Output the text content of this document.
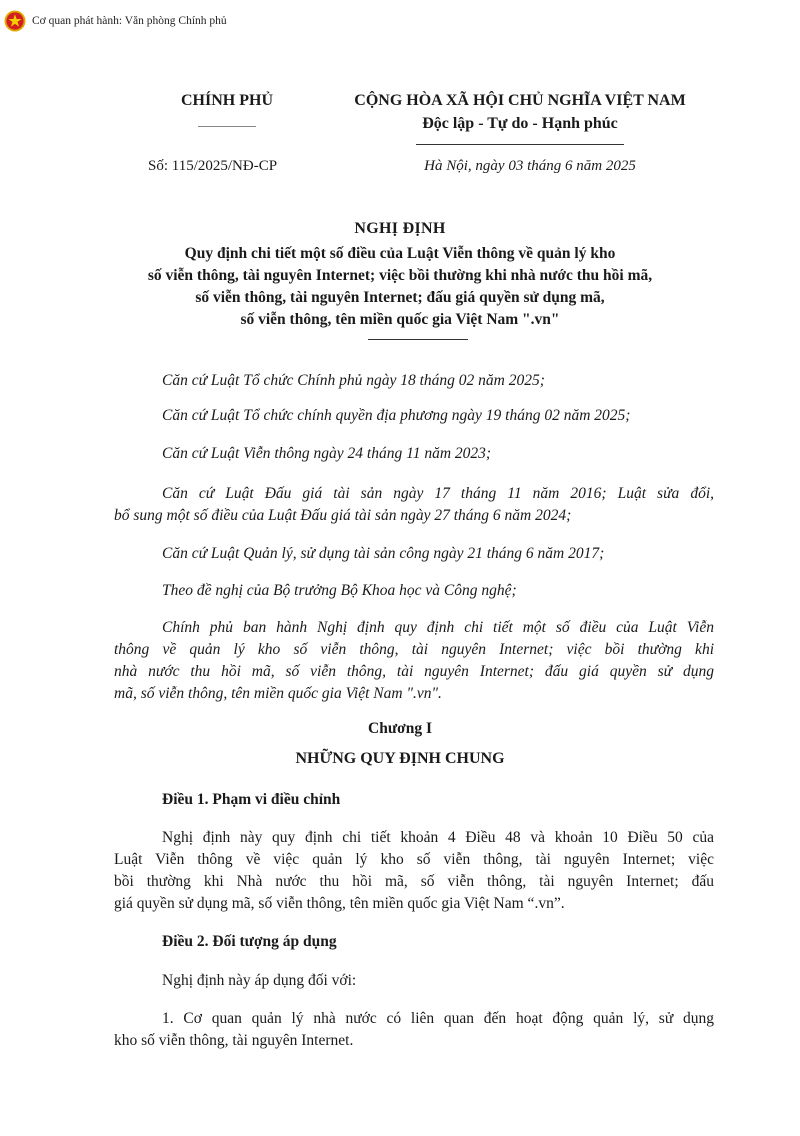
Cơ quan phát hành: Văn phòng Chính phủ
CHÍNH PHỦ	CỘNG HÒA XÃ HỘI CHỦ NGHĨA VIỆT NAM
Độc lập - Tự do - Hạnh phúc
Số: 115/2025/NĐ-CP	Hà Nội, ngày 03 tháng 6 năm 2025
NGHỊ ĐỊNH
Quy định chi tiết một số điều của Luật Viễn thông về quản lý kho
số viễn thông, tài nguyên Internet; việc bồi thường khi nhà nước thu hồi mã,
số viễn thông, tài nguyên Internet; đấu giá quyền sử dụng mã,
số viễn thông, tên miền quốc gia Việt Nam ".vn"
Căn cứ Luật Tổ chức Chính phủ ngày 18 tháng 02 năm 2025;
Căn cứ Luật Tổ chức chính quyền địa phương ngày 19 tháng 02 năm 2025;
Căn cứ Luật Viễn thông ngày 24 tháng 11 năm 2023;
Căn cứ Luật Đấu giá tài sản ngày 17 tháng 11 năm 2016; Luật sửa đổi,
bổ sung một số điều của Luật Đấu giá tài sản ngày 27 tháng 6 năm 2024;
Căn cứ Luật Quản lý, sử dụng tài sản công ngày 21 tháng 6 năm 2017;
Theo đề nghị của Bộ trưởng Bộ Khoa học và Công nghệ;
Chính phủ ban hành Nghị định quy định chi tiết một số điều của Luật Viễn
thông về quản lý kho số viễn thông, tài nguyên Internet; việc bồi thường khi
nhà nước thu hồi mã, số viễn thông, tài nguyên Internet; đấu giá quyền sử dụng
mã, số viễn thông, tên miền quốc gia Việt Nam ".vn".
Chương I
NHỮNG QUY ĐỊNH CHUNG
Điều 1. Phạm vi điều chỉnh
Nghị định này quy định chi tiết khoản 4 Điều 48 và khoản 10 Điều 50 của
Luật Viễn thông về việc quản lý kho số viễn thông, tài nguyên Internet; việc
bồi thường khi Nhà nước thu hồi mã, số viễn thông, tài nguyên Internet; đấu
giá quyền sử dụng mã, số viễn thông, tên miền quốc gia Việt Nam “.vn”.
Điều 2. Đối tượng áp dụng
Nghị định này áp dụng đối với:
1. Cơ quan quản lý nhà nước có liên quan đến hoạt động quản lý, sử dụng
kho số viễn thông, tài nguyên Internet.
